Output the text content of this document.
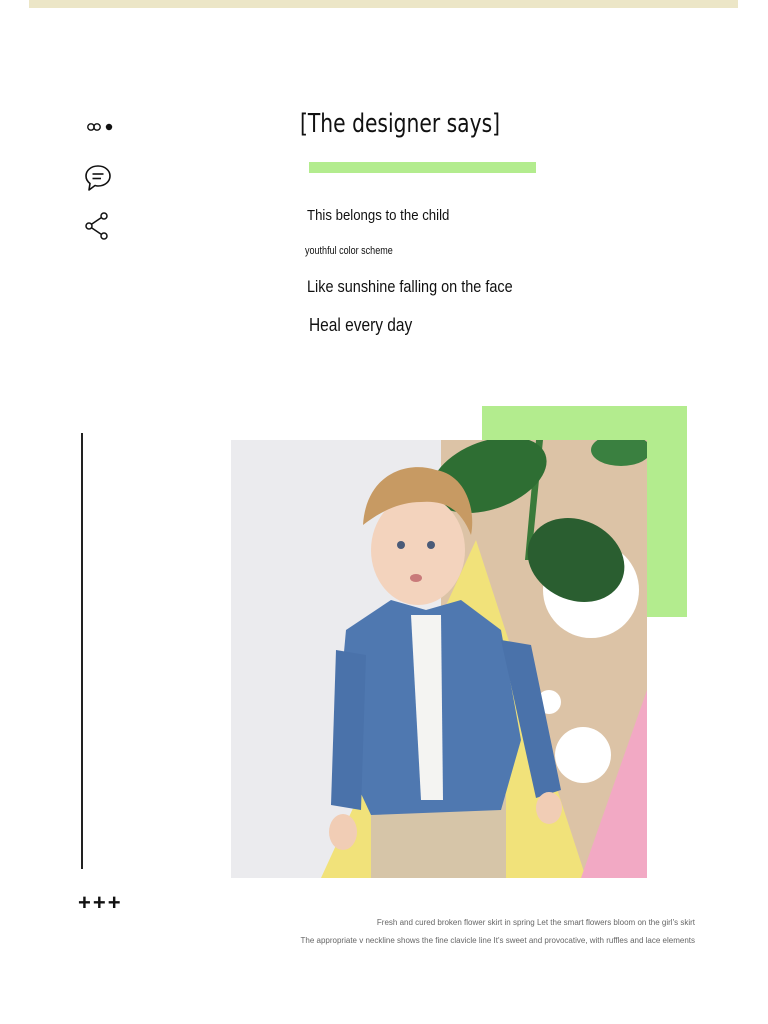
[The designer says]
This belongs to the child
youthful color scheme
Like sunshine falling on the face
Heal every day
+++
Fresh and cured broken flower skirt in spring Let the smart flowers bloom on the girl's skirt
The appropriate v neckline shows the fine clavicle line It's sweet and provocative, with ruffles and lace elements
